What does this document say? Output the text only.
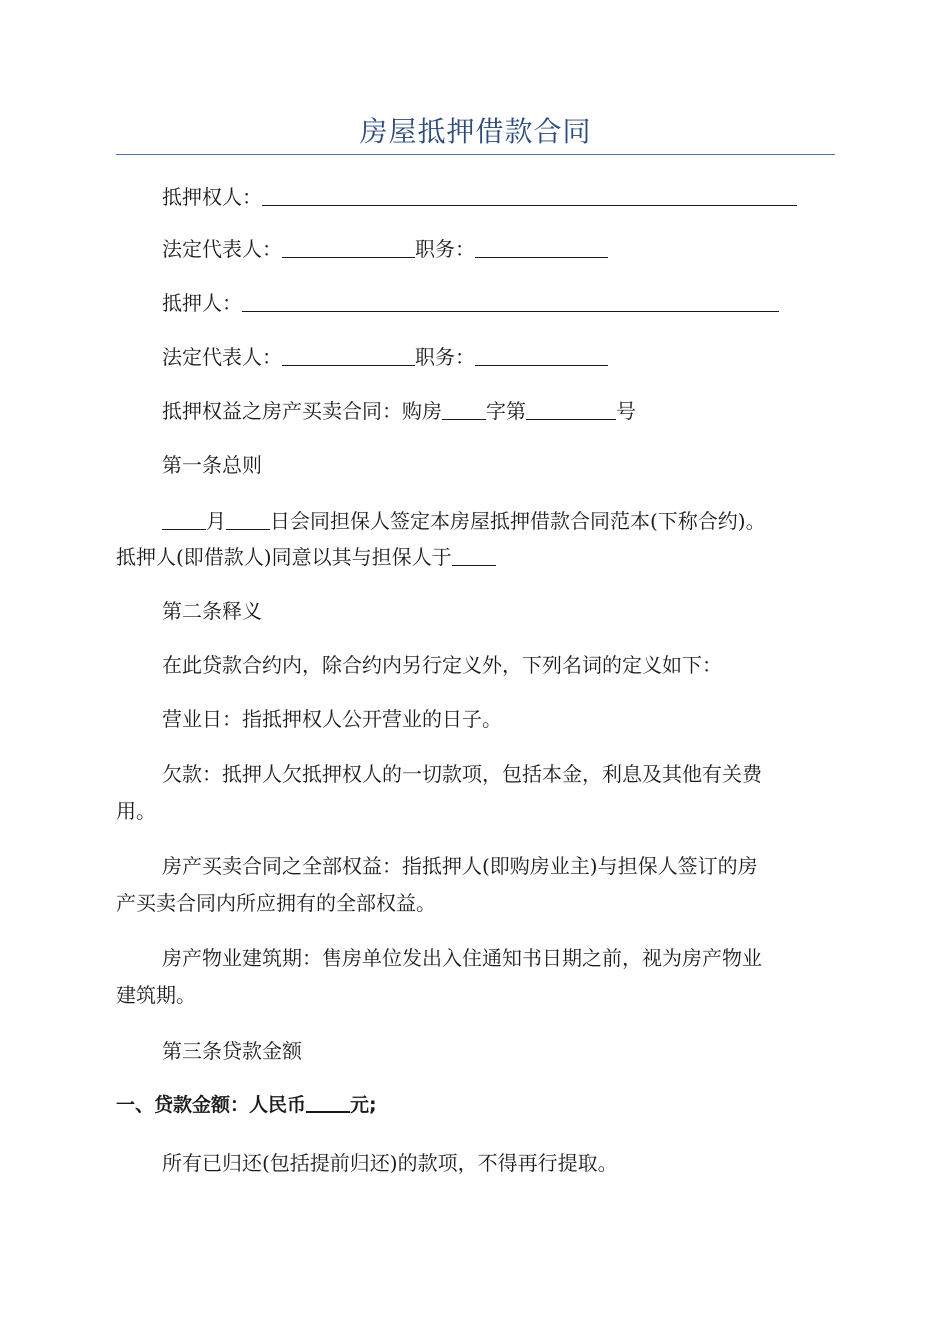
房屋抵押借款合同
抵押权人：
法定代表人：	职务：
抵押人：
法定代表人：	职务：
抵押权益之房产买卖合同：购房 字第	号
第一条总则
月 日会同担保人签定本房屋抵押借款合同范本(下称合约)。
抵押人(即借款人)同意以其与担保人于
第二条释义
在此贷款合约内，除合约内另行定义外，下列名词的定义如下：
营业日：指抵押权人公开营业的日子。
欠款：抵押人欠抵押权人的一切款项，包括本金，利息及其他有关费
用。
房产买卖合同之全部权益：指抵押人(即购房业主)与担保人签订的房
产买卖合同内所应拥有的全部权益。
房产物业建筑期：售房单位发出入住通知书日期之前，视为房产物业
建筑期。
第三条贷款金额
一、贷款金额：人民币 元;
所有已归还(包括提前归还)的款项，不得再行提取。
